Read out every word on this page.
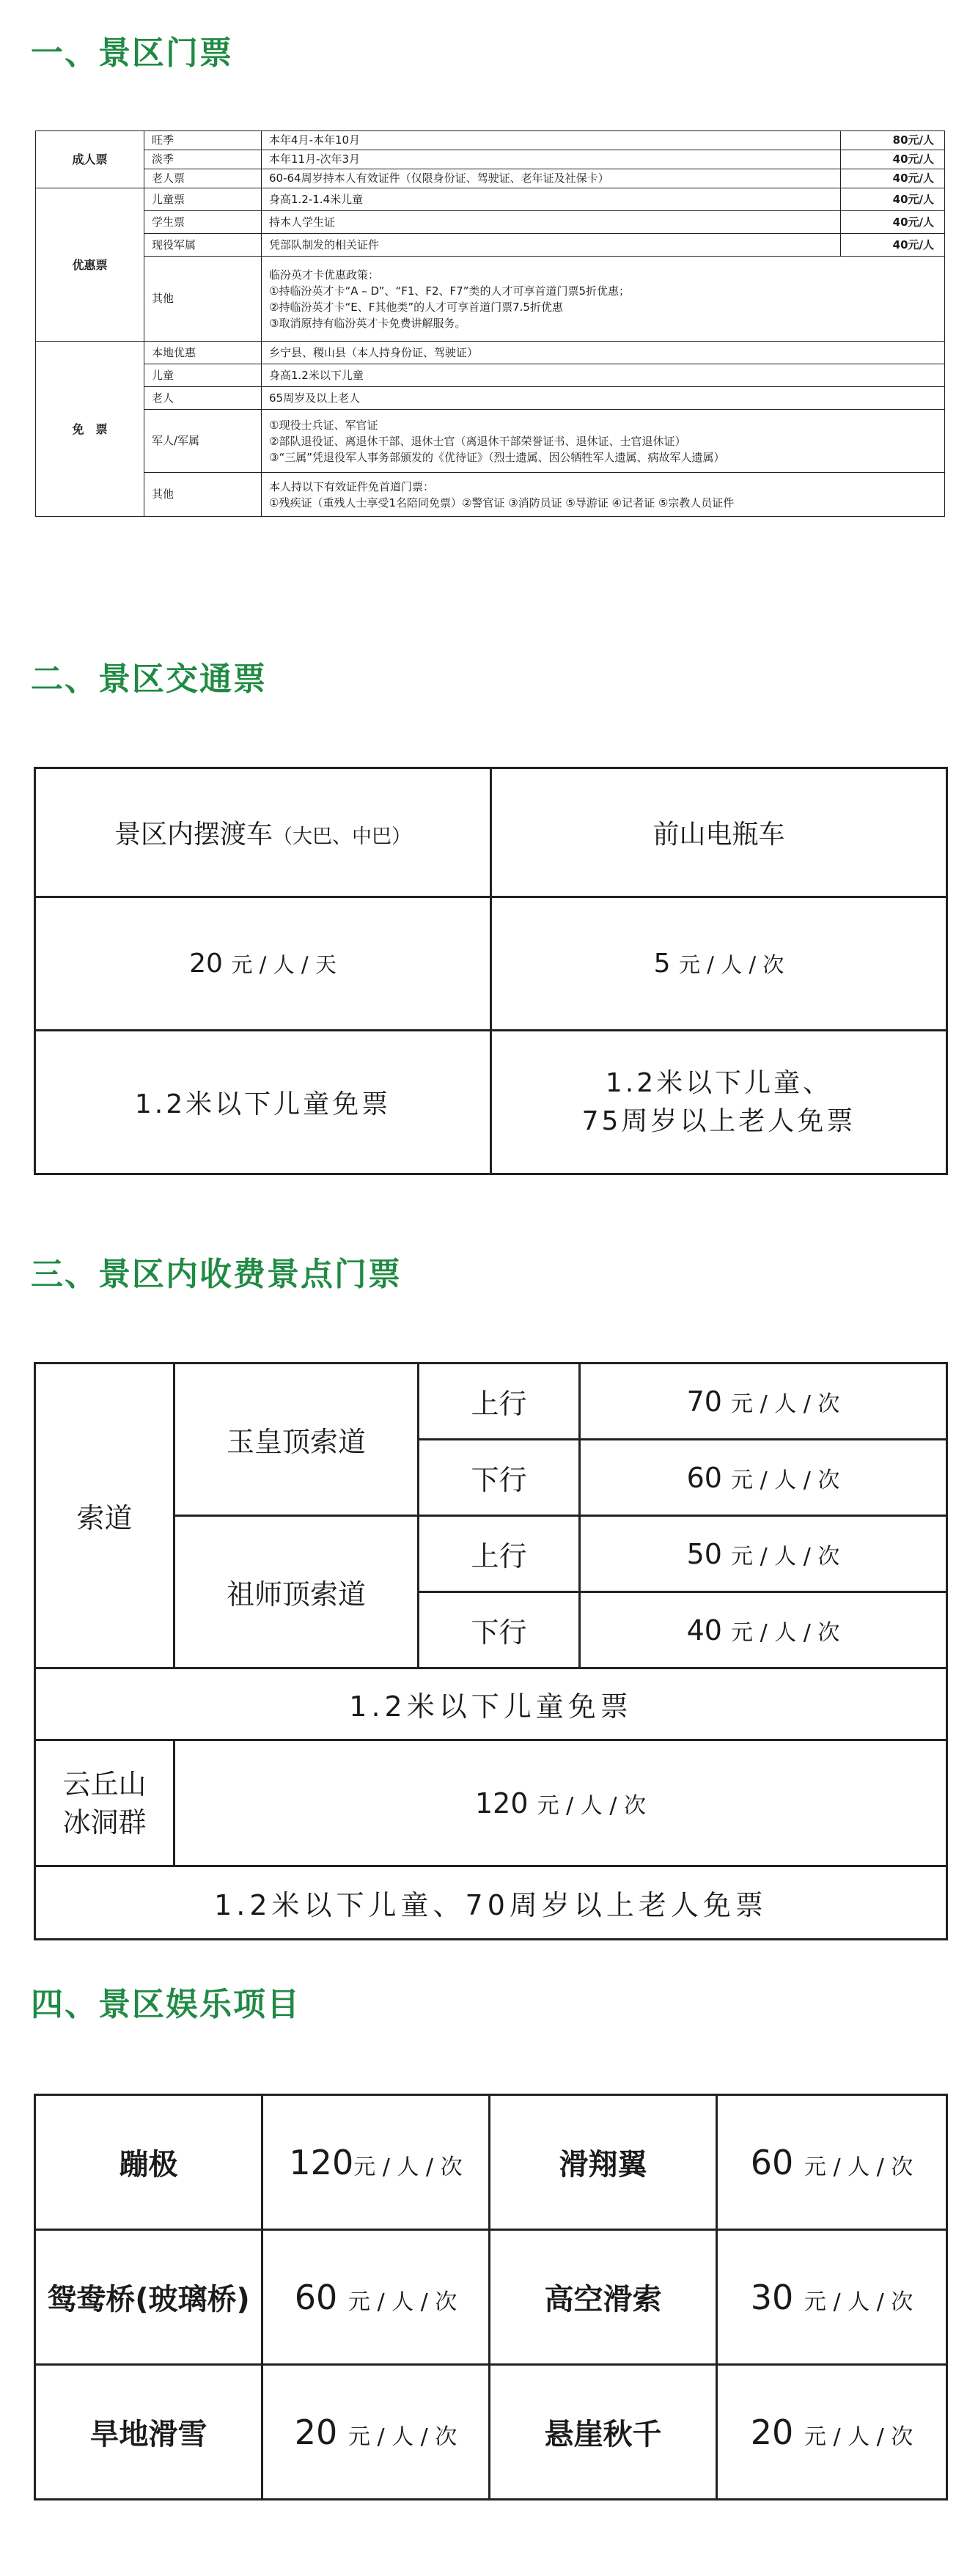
一、景区门票
成人票	旺季	本年4月-本年10月	80元/人
	淡季	本年11月-次年3月	40元/人
	老人票	60-64周岁持本人有效证件（仅限身份证、驾驶证、老年证及社保卡）	40元/人
优惠票	儿童票	身高1.2-1.4米儿童	40元/人
	学生票	持本人学生证	40元/人
	现役军属	凭部队制发的相关证件	40元/人
	其他	临汾英才卡优惠政策：
①持临汾英才卡“A – D”、“F1、F2、F7”类的人才可享首道门票5折优惠；
②持临汾英才卡“E、F其他类”的人才可享首道门票7.5折优惠
③取消原持有临汾英才卡免费讲解服务。	

免　票	本地优惠	乡宁县、稷山县（本人持身份证、驾驶证）	
	儿童	身高1.2米以下儿童	
	老人	65周岁及以上老人	
	军人/军属	①现役士兵证、军官证
②部队退役证、离退休干部、退休士官（离退休干部荣誉证书、退休证、士官退休证）
③“三属”凭退役军人事务部颁发的《优待证》（烈士遗属、因公牺牲军人遗属、病故军人遗属）	

	其他	本人持以下有效证件免首道门票：
①残疾证（重残人士享受1名陪同免票）②警官证 ③消防员证 ⑤导游证 ④记者证 ⑤宗教人员证件	
二、景区交通票
景区内摆渡车（大巴、中巴）	前山电瓶车
20 元 / 人 / 天	5 元 / 人 / 次
1.2米以下儿童免票	1.2米以下儿童、
75周岁以上老人免票
三、景区内收费景点门票
索道	玉皇顶索道	上行	70 元 / 人 / 次
		下行	60 元 / 人 / 次
	祖师顶索道	上行	50 元 / 人 / 次
		下行	40 元 / 人 / 次
1.2米以下儿童免票			

云丘山
冰洞群	120 元 / 人 / 次		
1.2米以下儿童、70周岁以上老人免票			
四、景区娱乐项目
蹦极	120元 / 人 / 次	滑翔翼	60 元 / 人 / 次
鸳鸯桥(玻璃桥)	60 元 / 人 / 次	高空滑索	30 元 / 人 / 次
旱地滑雪	20 元 / 人 / 次	悬崖秋千	20 元 / 人 / 次
